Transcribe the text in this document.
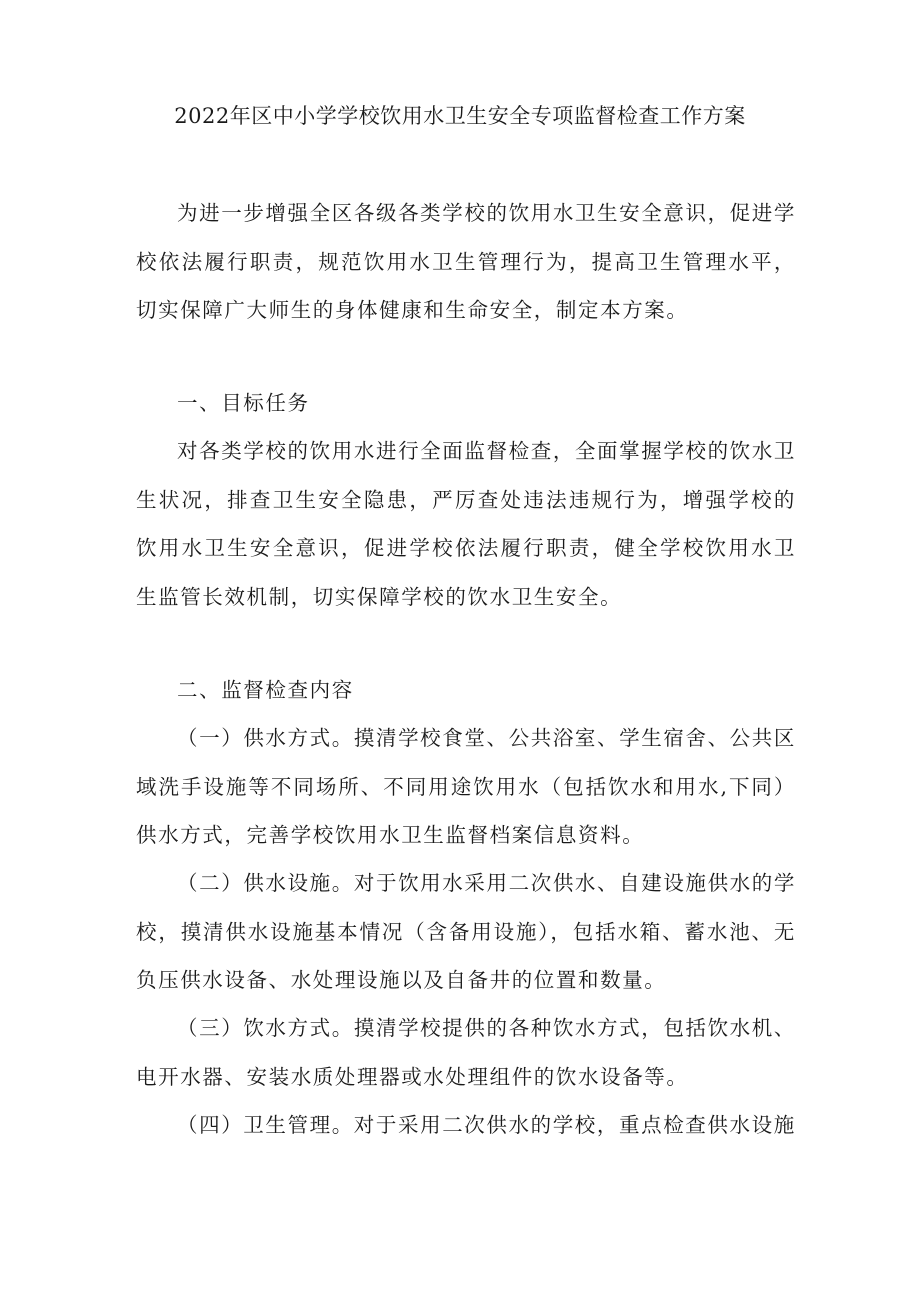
2022年区中小学学校饮用水卫生安全专项监督检查工作方案

为进一步增强全区各级各类学校的饮用水卫生安全意识，促进学校依法履行职责，规范饮用水卫生管理行为，提高卫生管理水平，切实保障广大师生的身体健康和生命安全，制定本方案。

一、目标任务

对各类学校的饮用水进行全面监督检查，全面掌握学校的饮水卫生状况，排查卫生安全隐患，严厉查处违法违规行为，增强学校的饮用水卫生安全意识，促进学校依法履行职责，健全学校饮用水卫生监管长效机制，切实保障学校的饮水卫生安全。

二、监督检查内容

（一）供水方式。摸清学校食堂、公共浴室、学生宿舍、公共区域洗手设施等不同场所、不同用途饮用水（包括饮水和用水,下同）供水方式，完善学校饮用水卫生监督档案信息资料。

（二）供水设施。对于饮用水采用二次供水、自建设施供水的学校，摸清供水设施基本情况（含备用设施），包括水箱、蓄水池、无负压供水设备、水处理设施以及自备井的位置和数量。

（三）饮水方式。摸清学校提供的各种饮水方式，包括饮水机、电开水器、安装水质处理器或水处理组件的饮水设备等。

（四）卫生管理。对于采用二次供水的学校，重点检查供水设施
